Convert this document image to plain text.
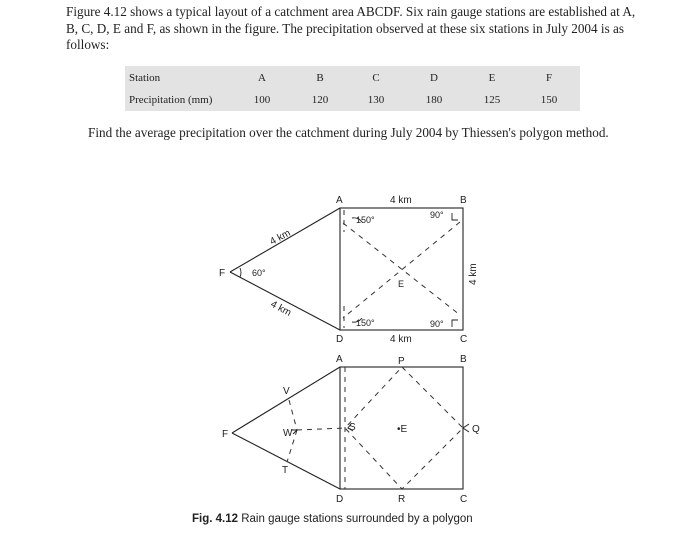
Figure 4.12 shows a typical layout of a catchment area ABCDF. Six rain gauge stations are established at A, B, C, D, E and F, as shown in the figure. The precipitation observed at these six stations in July 2004 is as follows:

Station	A	B	C	D	E	F
Precipitation (mm)	100	120	130	180	125	150

Find the average precipitation over the catchment during July 2004 by Thiessen's polygon method.

A	B
C
D
E
F
4 km
4 km
4 km
4 km
4 km
150°
150°
90°
90°
60°
A	B
C
D
F	•E
P
Q
R
S
T
V
W
Fig. 4.12 Rain gauge stations surrounded by a polygon
